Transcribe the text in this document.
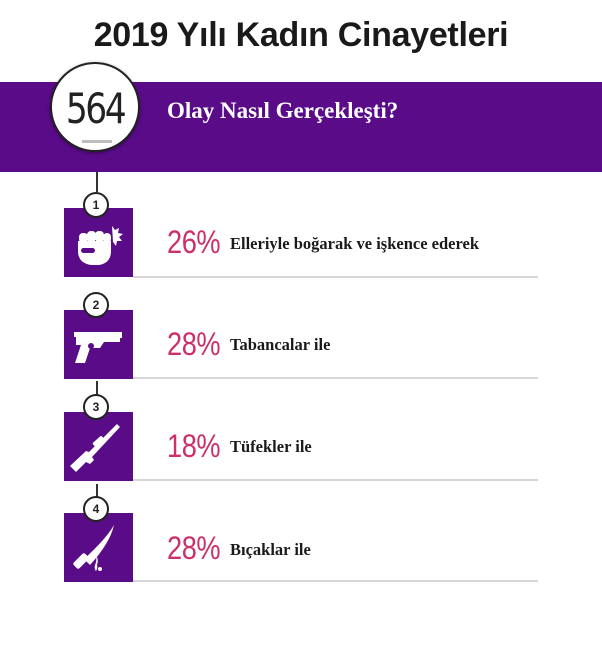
2019 Yılı Kadın Cinayetleri
Olay Nasıl Gerçekleşti?
564
1
26% Elleriyle boğarak ve işkence ederek
2
28% Tabancalar ile
3
18% Tüfekler ile
4
28% Bıçaklar ile
